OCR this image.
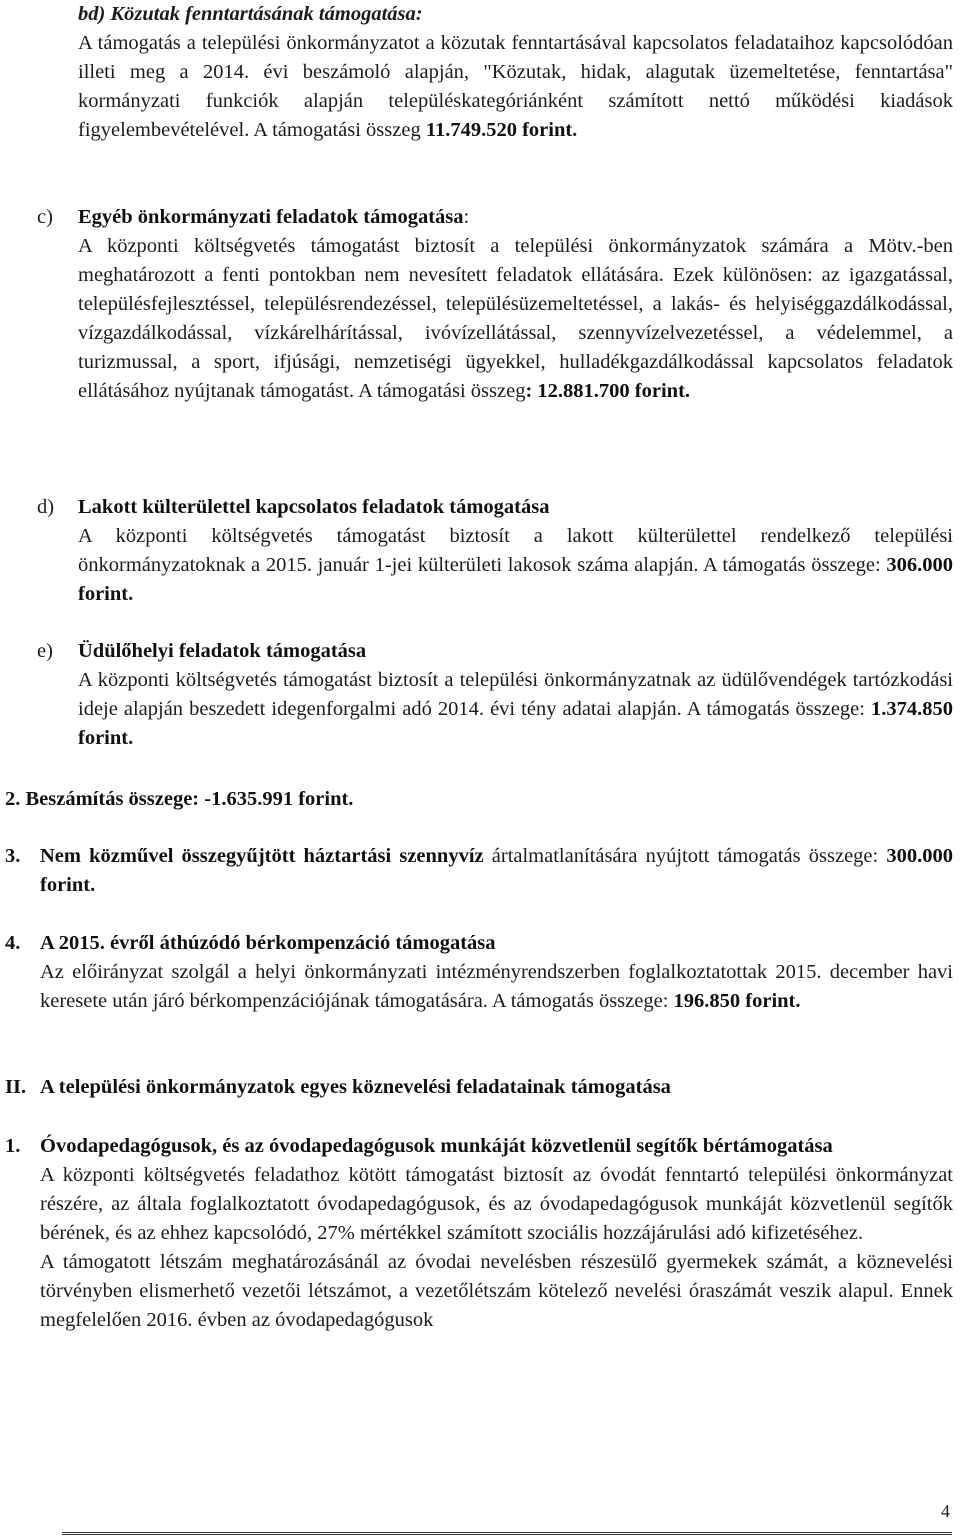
bd) Közutak fenntartásának támogatása:
A támogatás a települési önkormányzatot a közutak fenntartásával kapcsolatos feladataihoz kapcsolódóan illeti meg a 2014. évi beszámoló alapján, "Közutak, hidak, alagutak üzemeltetése, fenntartása" kormányzati funkciók alapján településkategóriánként számított nettó működési kiadások figyelembevételével. A támogatási összeg 11.749.520 forint.
c) Egyéb önkormányzati feladatok támogatása:
A központi költségvetés támogatást biztosít a települési önkormányzatok számára a Mötv.-ben meghatározott a fenti pontokban nem nevesített feladatok ellátására. Ezek különösen: az igazgatással, településfejlesztéssel, településrendezéssel, településüzemeltetéssel, a lakás- és helyiséggazdálkodással, vízgazdálkodással, vízkárelhárítással, ivóvízellátással, szennyvízelvezetéssel, a védelemmel, a turizmussal, a sport, ifjúsági, nemzetiségi ügyekkel, hulladékgazdálkodással kapcsolatos feladatok ellátásához nyújtanak támogatást. A támogatási összeg: 12.881.700 forint.
d) Lakott külterülettel kapcsolatos feladatok támogatása
A központi költségvetés támogatást biztosít a lakott külterülettel rendelkező települési önkormányzatoknak a 2015. január 1-jei külterületi lakosok száma alapján. A támogatás összege: 306.000 forint.
e) Üdülőhelyi feladatok támogatása
A központi költségvetés támogatást biztosít a települési önkormányzatnak az üdülővendégek tartózkodási ideje alapján beszedett idegenforgalmi adó 2014. évi tény adatai alapján. A támogatás összege: 1.374.850 forint.
2. Beszámítás összege: -1.635.991 forint.
3. Nem közművel összegyűjtött háztartási szennyvíz ártalmatlanítására nyújtott támogatás összege: 300.000 forint.
4. A 2015. évről áthúzódó bérkompenzáció támogatása
Az előirányzat szolgál a helyi önkormányzati intézményrendszerben foglalkoztatottak 2015. december havi keresete után járó bérkompenzációjának támogatására. A támogatás összege: 196.850 forint.
II. A települési önkormányzatok egyes köznevelési feladatainak támogatása
1. Óvodapedagógusok, és az óvodapedagógusok munkáját közvetlenül segítők bértámogatása
A központi költségvetés feladathoz kötött támogatást biztosít az óvodát fenntartó települési önkormányzat részére, az általa foglalkoztatott óvodapedagógusok, és az óvodapedagógusok munkáját közvetlenül segítők bérének, és az ehhez kapcsolódó, 27% mértékkel számított szociális hozzájárulási adó kifizetéséhez.
A támogatott létszám meghatározásánál az óvodai nevelésben részesülő gyermekek számát, a köznevelési törvényben elismerhető vezetői létszámot, a vezetőlétszám kötelező nevelési óraszámát veszik alapul. Ennek megfelelően 2016. évben az óvodapedagógusok
4
